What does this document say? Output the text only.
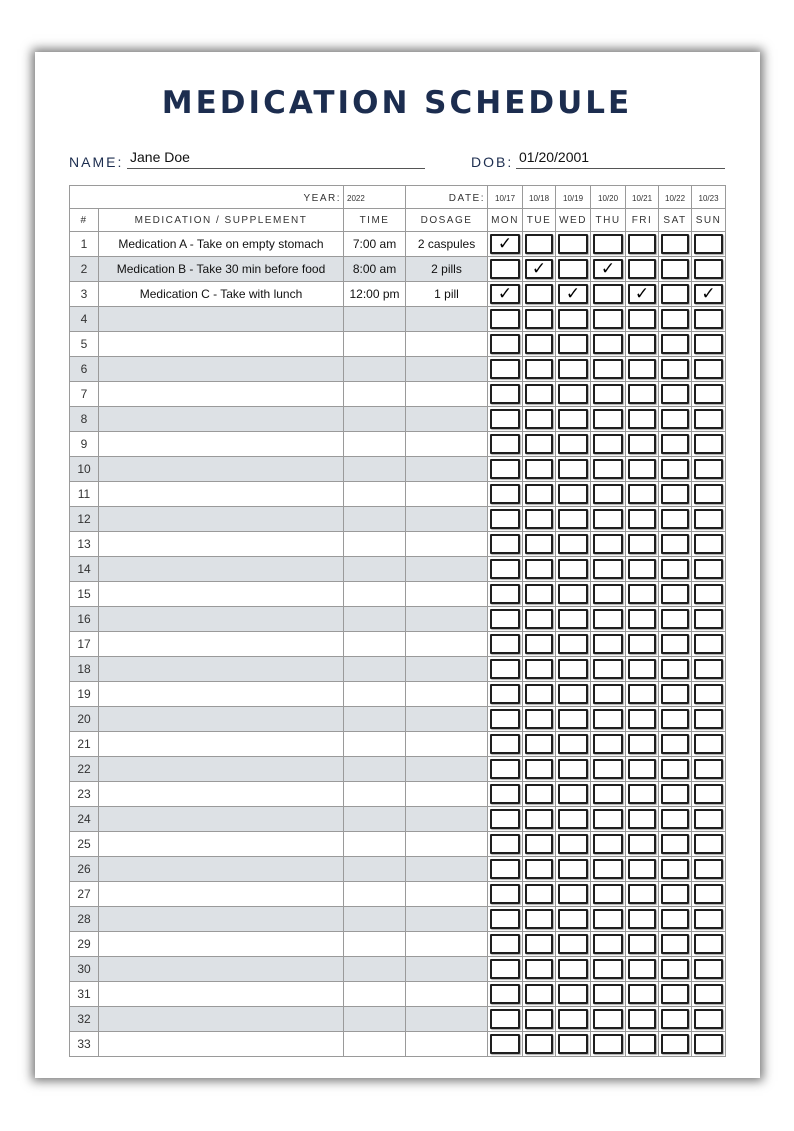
MEDICATION SCHEDULE
NAME: Jane Doe	DOB: 01/20/2001
YEAR:		2022	DATE:	10/17	10/18	10/19	10/20	10/21	10/22	10/23
#	MEDICATION / SUPPLEMENT	TIME	DOSAGE	MON	TUE	WED	THU	FRI	SAT	SUN
1	Medication A - Take on empty stomach	7:00 am	2 caspules	✓						

2	Medication B - Take 30 min before food	8:00 am	2 pills		✓		✓			

3	Medication C - Take with lunch	12:00 pm	1 pill	✓		✓		✓		✓

4				

5				

6				

7				

8				

9				

10				

11				

12				

13				

14				

15				

16				

17				

18				

19				

20				

21				

22				

23				

24				

25				

26				

27				

28				

29				

30				

31				

32				

33				
